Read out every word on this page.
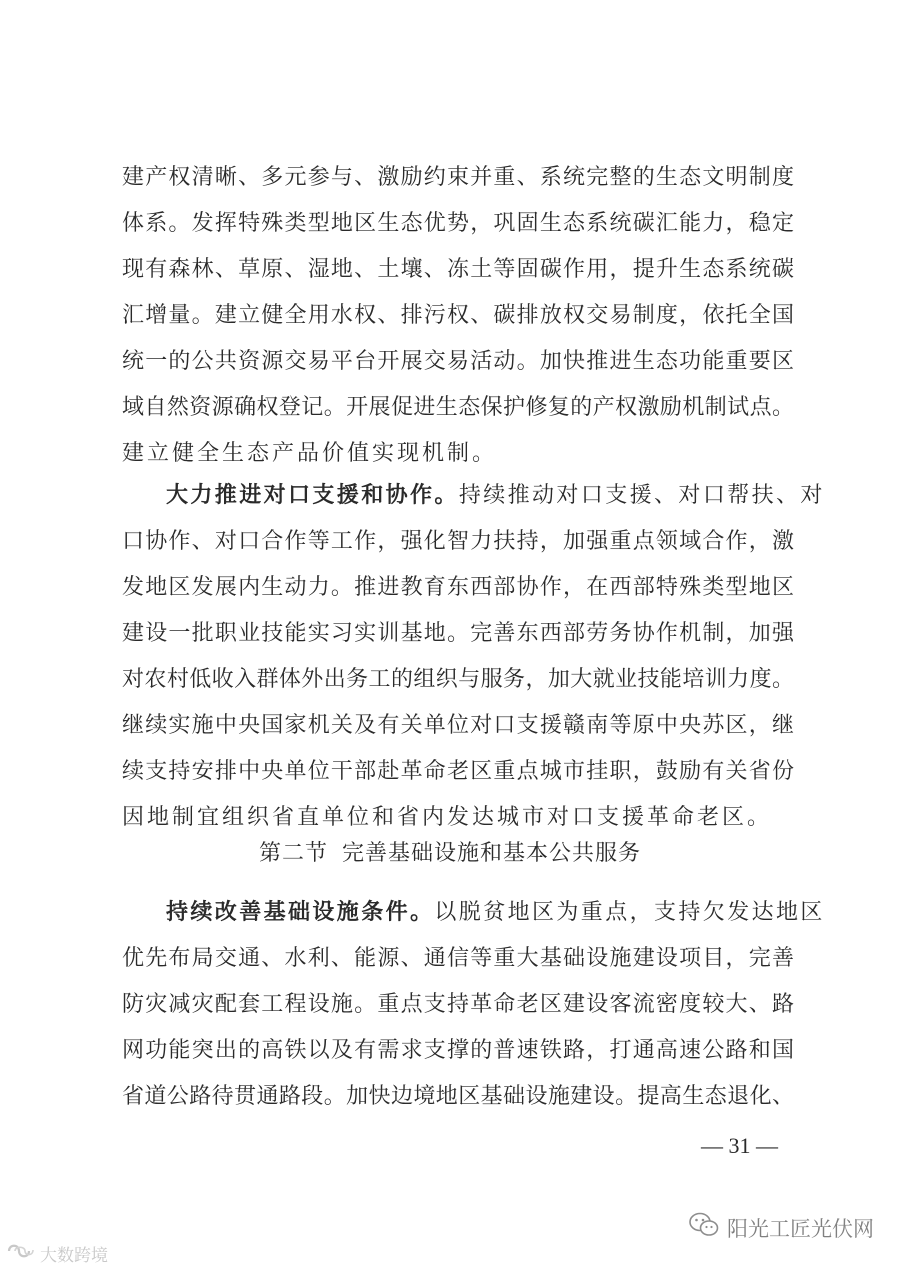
建产权清晰、多元参与、激励约束并重、系统完整的生态文明制度
体系。发挥特殊类型地区生态优势，巩固生态系统碳汇能力，稳定
现有森林、草原、湿地、土壤、冻土等固碳作用，提升生态系统碳
汇增量。建立健全用水权、排污权、碳排放权交易制度，依托全国
统一的公共资源交易平台开展交易活动。加快推进生态功能重要区
域自然资源确权登记。开展促进生态保护修复的产权激励机制试点。
建立健全生态产品价值实现机制。
大力推进对口支援和协作。持续推动对口支援、对口帮扶、对
口协作、对口合作等工作，强化智力扶持，加强重点领域合作，激
发地区发展内生动力。推进教育东西部协作，在西部特殊类型地区
建设一批职业技能实习实训基地。完善东西部劳务协作机制，加强
对农村低收入群体外出务工的组织与服务，加大就业技能培训力度。
继续实施中央国家机关及有关单位对口支援赣南等原中央苏区，继
续支持安排中央单位干部赴革命老区重点城市挂职，鼓励有关省份
因地制宜组织省直单位和省内发达城市对口支援革命老区。
第二节 完善基础设施和基本公共服务
持续改善基础设施条件。以脱贫地区为重点，支持欠发达地区
优先布局交通、水利、能源、通信等重大基础设施建设项目，完善
防灾减灾配套工程设施。重点支持革命老区建设客流密度较大、路
网功能突出的高铁以及有需求支撑的普速铁路，打通高速公路和国
省道公路待贯通路段。加快边境地区基础设施建设。提高生态退化、
— 31 —
阳光工匠光伏网
大数跨境
